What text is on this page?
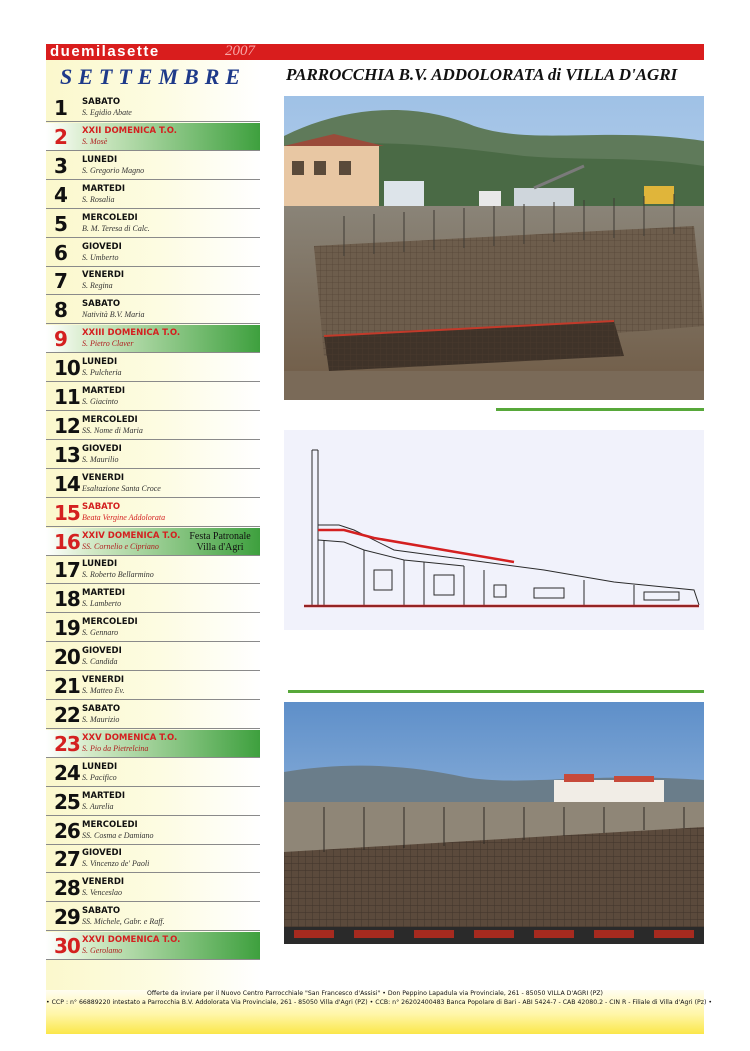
duemilasette	2007
SETTEMBRE
1	SABATO
S. Egidio Abate
2	XXII DOMENICA T.O.
S. Mosè
3	LUNEDI
S. Gregorio Magno
4	MARTEDI
S. Rosalia
5	MERCOLEDI
B. M. Teresa di Calc.
6	GIOVEDI
S. Umberto
7	VENERDI
S. Regina
8	SABATO
Natività B.V. Maria
9	XXIII DOMENICA T.O.
S. Pietro Claver
10 LUNEDI
S. Pulcheria
11 MARTEDI
S. Giacinto
12 MERCOLEDI
SS. Nome di Maria
13 GIOVEDI
S. Maurilio
14 VENERDI
Esaltazione Santa Croce
15 SABATO
Beata Vergine Addolorata
16 XXIV DOMENICA T.O.
SS. Cornelio e Cipriano
17 LUNEDI
S. Roberto Bellarmino
18 MARTEDI
S. Lamberto
19 MERCOLEDI
S. Gennaro
20 GIOVEDI
S. Candida
21 VENERDI
S. Matteo Ev.
22 SABATO
S. Maurizio
23 XXV DOMENICA T.O.
S. Pio da Pietrelcina
24 LUNEDI
S. Pacifico
25 MARTEDI
S. Aurelia
26 MERCOLEDI
SS. Cosma e Damiano
27 GIOVEDI
S. Vincenzo de' Paoli
28 VENERDI
S. Venceslao
29 SABATO
SS. Michele, Gabr. e Raff.
30 XXVI DOMENICA T.O.
S. Gerolamo
Festa Patronale
Villa d'Agri
PARROCCHIA B.V. ADDOLORATA di VILLA D'AGRI
Offerte da inviare per il Nuovo Centro Parrocchiale "San Francesco d'Assisi" • Don Peppino Lapadula via Provinciale, 261 - 85050 VILLA D'AGRI (PZ)
• CCP : n° 66889220 intestato a Parrocchia B.V. Addolorata Via Provinciale, 261 - 85050 Villa d'Agri (PZ) • CCB: n° 26202400483 Banca Popolare di Bari - ABI 5424-7 - CAB 42080.2 - CIN R - Filiale di Villa d'Agri (Pz) •
